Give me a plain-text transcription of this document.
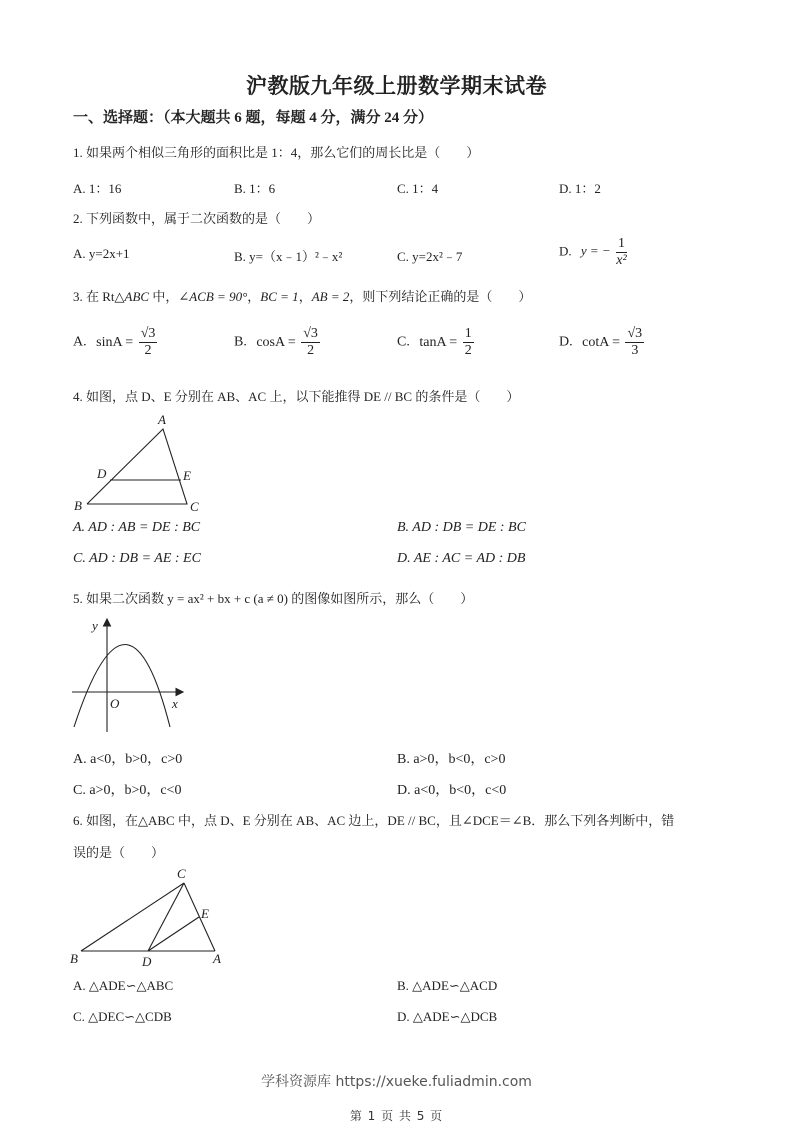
沪教版九年级上册数学期末试卷
一、选择题：（本大题共 6 题，每题 4 分，满分 24 分）
1. 如果两个相似三角形的面积比是 1：4，那么它们的周长比是（　　）
A. 1：16	B. 1：6	C. 1：4	D. 1：2
2. 下列函数中，属于二次函数的是（　　）
A. y=2x+1	B. y=（x﹣1）²﹣x²	C. y=2x²﹣7	D. y = − $\frac{1}{\text{x²}}$
3. 在 Rt△ABC 中，∠ACB = 90°，BC = 1，AB = 2，则下列结论正确的是（　　）
A. $\sin A = \frac{√3}{2}$	B. $\cos A = \frac{√3}{2}$	C. $\tan A = \frac{1}{2}$	D. $\cot A = \frac{√3}{3}$
4. 如图，点 D、E 分别在 AB、AC 上，以下能推得 DE // BC 的条件是（　　）
A
D	E
B	C
A. AD : AB = DE : BC	B. AD : DB = DE : BC
C. AD : DB = AE : EC	D. AE : AC = AD : DB
5. 如果二次函数 y = ax² + bx + c (a ≠ 0) 的图像如图所示，那么（　　）
y
x
O
A. a<0，b>0，c>0	B. a>0，b<0，c>0
C. a>0，b>0，c<0	D. a<0，b<0，c<0
6. 如图，在△ABC 中，点 D、E 分别在 AB、AC 边上，DE // BC，且∠DCE＝∠B．那么下列各判断中，错
误的是（　　）
C
E
B	D	A
A. △ADE∽△ABC	B. △ADE∽△ACD
C. △DEC∽△CDB	D. △ADE∽△DCB
学科资源库 https://xueke.fuliadmin.com
第 1 页 共 5 页
